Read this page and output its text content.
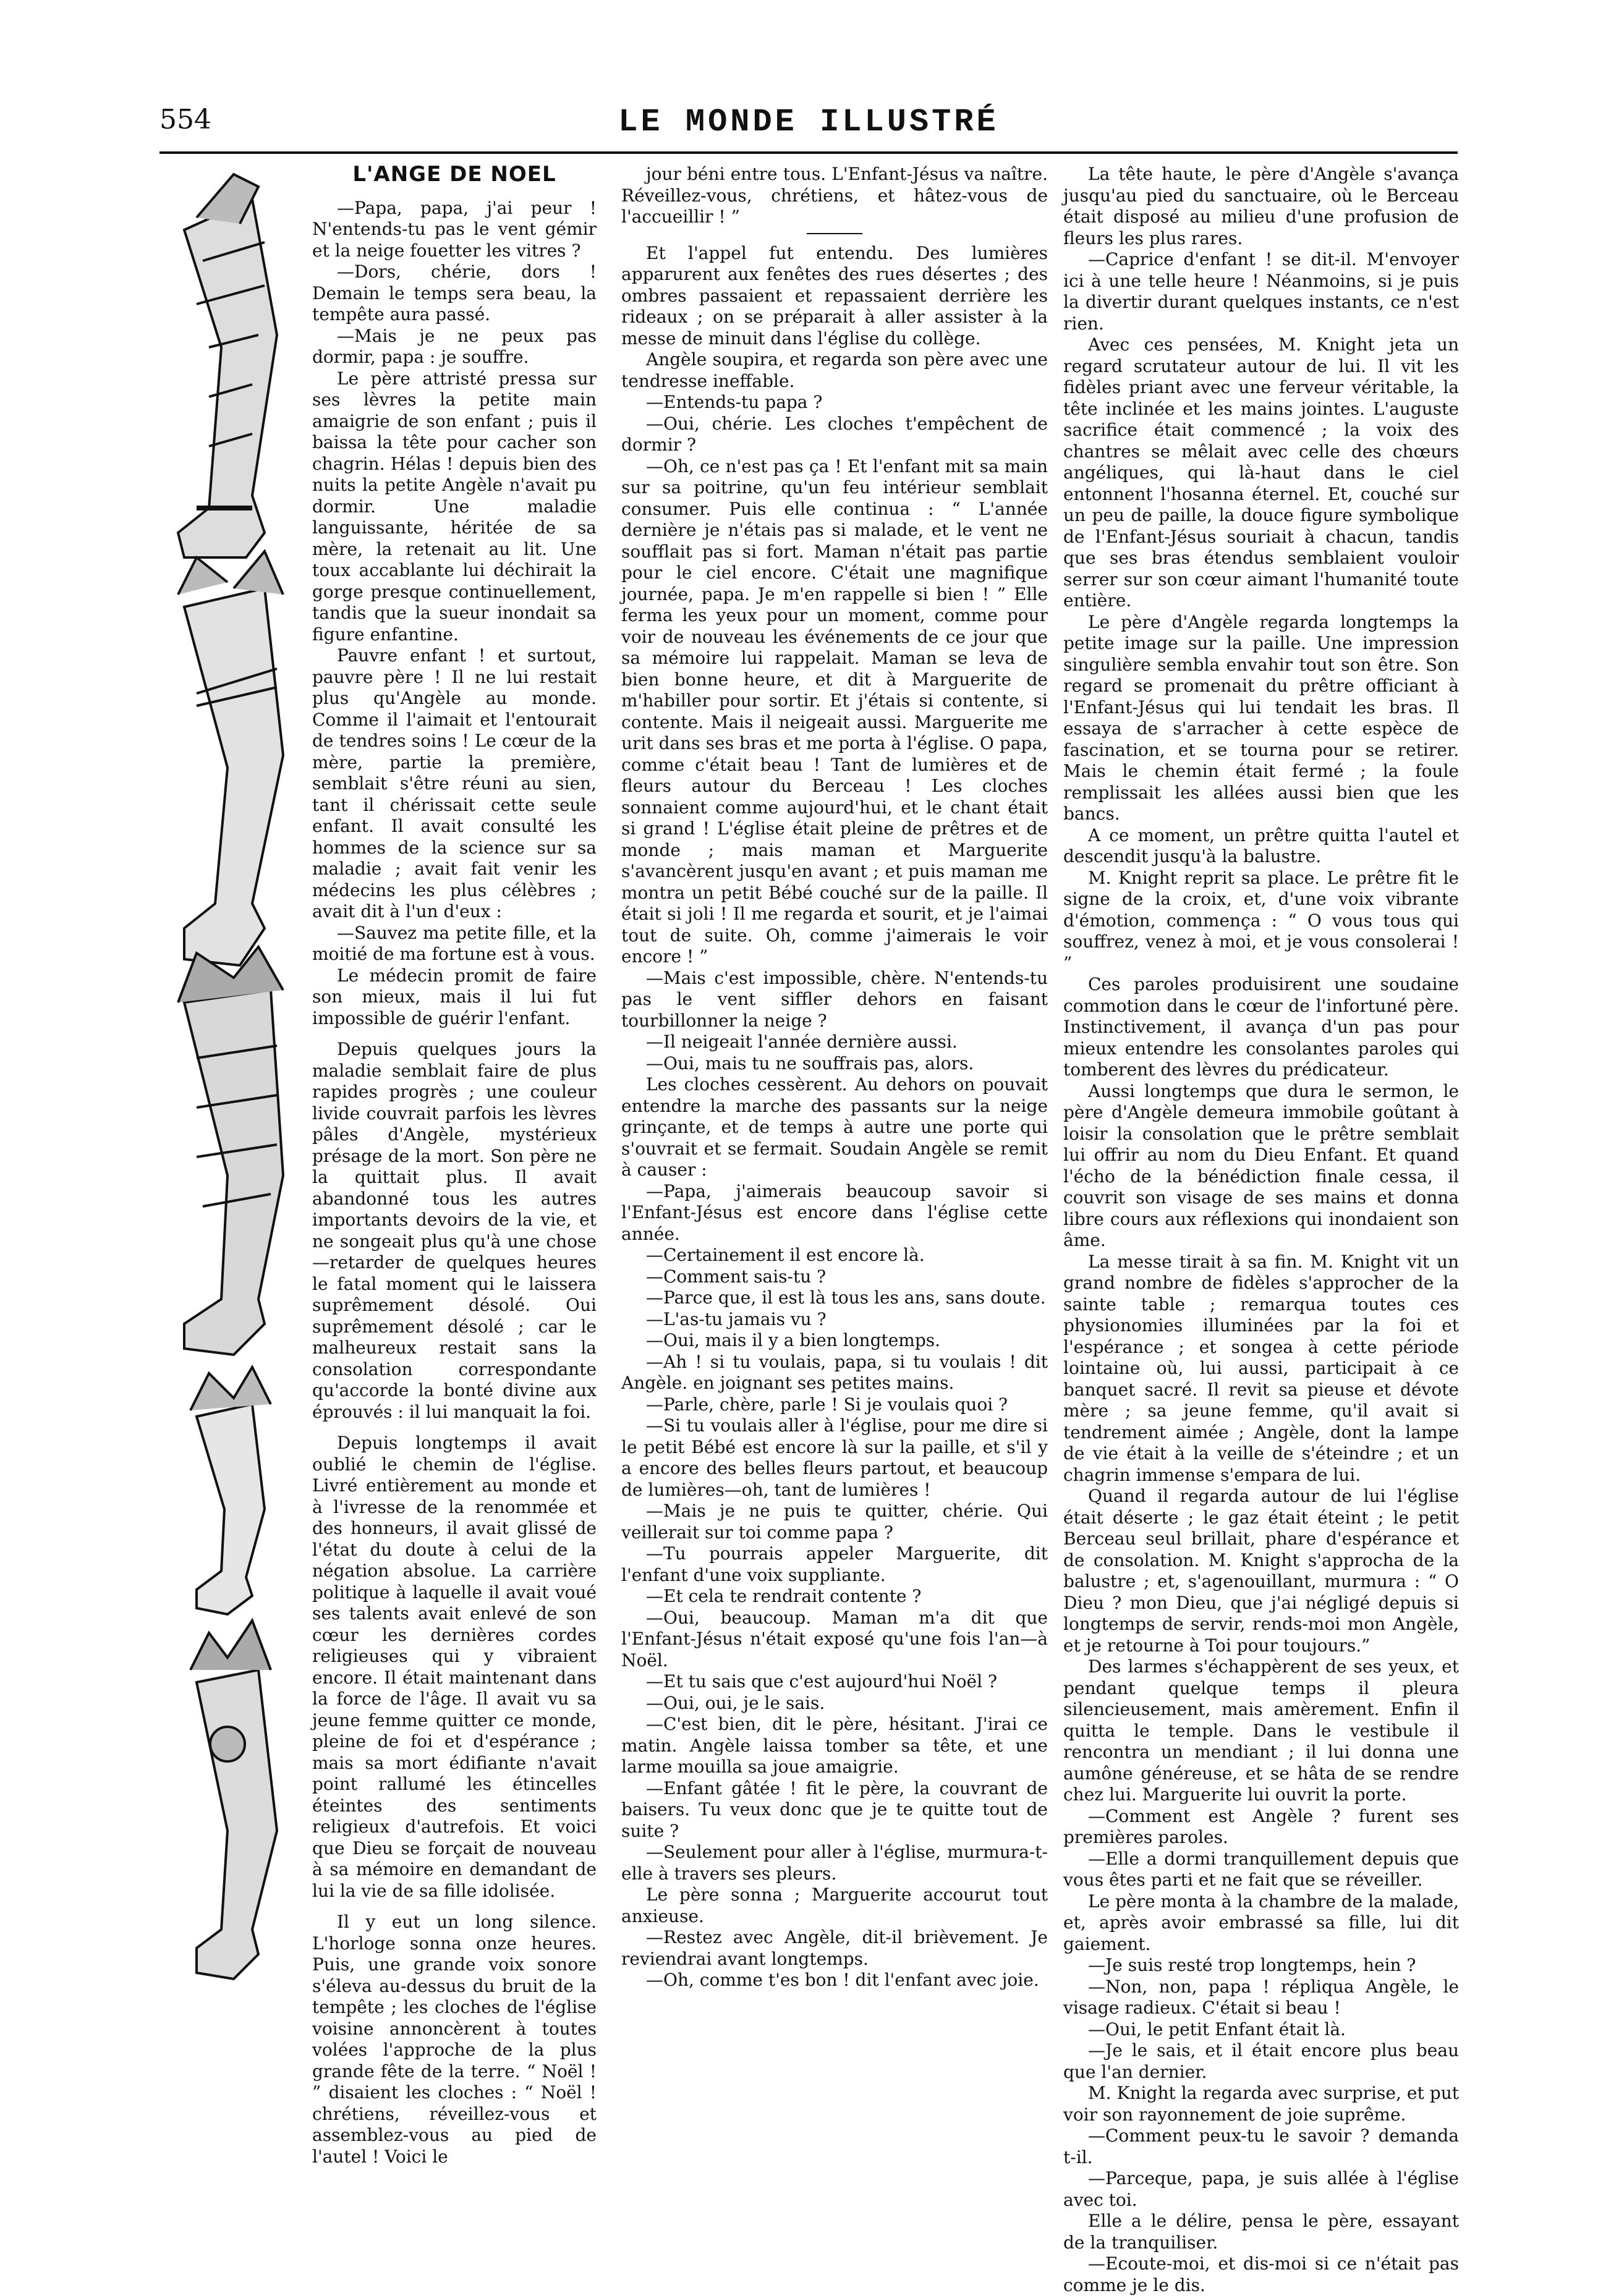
554	LE MONDE ILLUSTRÉ
L'ANGE DE NOEL

—Papa, papa, j'ai peur ! N'entends-tu pas le vent gémir et la neige fouetter les vitres ?

—Dors, chérie, dors ! Demain le temps sera beau, la tempête aura passé.

—Mais je ne peux pas dormir, papa : je souffre.

Le père attristé pressa sur ses lèvres la petite main amaigrie de son enfant ; puis il baissa la tête pour cacher son chagrin. Hélas ! depuis bien des nuits la petite Angèle n'avait pu dormir. Une maladie languissante, héritée de sa mère, la retenait au lit. Une toux accablante lui déchirait la gorge presque continuellement, tandis que la sueur inondait sa figure enfantine.

Pauvre enfant ! et surtout, pauvre père ! Il ne lui restait plus qu'Angèle au monde. Comme il l'aimait et l'entourait de tendres soins ! Le cœur de la mère, partie la première, semblait s'être réuni au sien, tant il chérissait cette seule enfant. Il avait consulté les hommes de la science sur sa maladie ; avait fait venir les médecins les plus célèbres ; avait dit à l'un d'eux :

—Sauvez ma petite fille, et la moitié de ma fortune est à vous.

Le médecin promit de faire son mieux, mais il lui fut impossible de guérir l'enfant.

Depuis quelques jours la maladie semblait faire de plus rapides progrès ; une couleur livide couvrait parfois les lèvres pâles d'Angèle, mystérieux présage de la mort. Son père ne la quittait plus. Il avait abandonné tous les autres importants devoirs de la vie, et ne songeait plus qu'à une chose—retarder de quelques heures le fatal moment qui le laissera suprêmement désolé. Oui suprêmement désolé ; car le malheureux restait sans la consolation correspondante qu'accorde la bonté divine aux éprouvés : il lui manquait la foi.

Depuis longtemps il avait oublié le chemin de l'église. Livré entièrement au monde et à l'ivresse de la renommée et des honneurs, il avait glissé de l'état du doute à celui de la négation absolue. La carrière politique à laquelle il avait voué ses talents avait enlevé de son cœur les dernières cordes religieuses qui y vibraient encore. Il était maintenant dans la force de l'âge. Il avait vu sa jeune femme quitter ce monde, pleine de foi et d'espérance ; mais sa mort édifiante n'avait point rallumé les étincelles éteintes des sentiments religieux d'autrefois. Et voici que Dieu se forçait de nouveau à sa mémoire en demandant de lui la vie de sa fille idolisée.

Il y eut un long silence. L'horloge sonna onze heures. Puis, une grande voix sonore s'éleva au-dessus du bruit de la tempête ; les cloches de l'église voisine annoncèrent à toutes volées l'approche de la plus grande fête de la terre. “ Noël ! ” disaient les cloches : “ Noël ! chrétiens, réveillez-vous et assemblez-vous au pied de l'autel ! Voici le

jour béni entre tous. L'Enfant-Jésus va naître. Réveillez-vous, chrétiens, et hâtez-vous de l'accueillir ! ”

Et l'appel fut entendu. Des lumières apparurent aux fenêtes des rues désertes ; des ombres passaient et repassaient derrière les rideaux ; on se préparait à aller assister à la messe de minuit dans l'église du collège.

Angèle soupira, et regarda son père avec une tendresse ineffable.

—Entends-tu papa ?

—Oui, chérie. Les cloches t'empêchent de dormir ?

—Oh, ce n'est pas ça ! Et l'enfant mit sa main sur sa poitrine, qu'un feu intérieur semblait consumer. Puis elle continua : “ L'année dernière je n'étais pas si malade, et le vent ne soufflait pas si fort. Maman n'était pas partie pour le ciel encore. C'était une magnifique journée, papa. Je m'en rappelle si bien ! ” Elle ferma les yeux pour un moment, comme pour voir de nouveau les événements de ce jour que sa mémoire lui rappelait. Maman se leva de bien bonne heure, et dit à Marguerite de m'habiller pour sortir. Et j'étais si contente, si contente. Mais il neigeait aussi. Marguerite me urit dans ses bras et me porta à l'église. O papa, comme c'était beau ! Tant de lumières et de fleurs autour du Berceau ! Les cloches sonnaient comme aujourd'hui, et le chant était si grand ! L'église était pleine de prêtres et de monde ; mais maman et Marguerite s'avancèrent jusqu'en avant ; et puis maman me montra un petit Bébé couché sur de la paille. Il était si joli ! Il me regarda et sourit, et je l'aimai tout de suite. Oh, comme j'aimerais le voir encore ! ”

—Mais c'est impossible, chère. N'entends-tu pas le vent siffler dehors en faisant tourbillonner la neige ?

—Il neigeait l'année dernière aussi.

—Oui, mais tu ne souffrais pas, alors.

Les cloches cessèrent. Au dehors on pouvait entendre la marche des passants sur la neige grinçante, et de temps à autre une porte qui s'ouvrait et se fermait. Soudain Angèle se remit à causer :

—Papa, j'aimerais beaucoup savoir si l'Enfant-Jésus est encore dans l'église cette année.

—Certainement il est encore là.

—Comment sais-tu ?

—Parce que, il est là tous les ans, sans doute.

—L'as-tu jamais vu ?

—Oui, mais il y a bien longtemps.

—Ah ! si tu voulais, papa, si tu voulais ! dit Angèle. en joignant ses petites mains.

—Parle, chère, parle ! Si je voulais quoi ?

—Si tu voulais aller à l'église, pour me dire si le petit Bébé est encore là sur la paille, et s'il y a encore des belles fleurs partout, et beaucoup de lumières—oh, tant de lumières !

—Mais je ne puis te quitter, chérie. Qui veillerait sur toi comme papa ?

—Tu pourrais appeler Marguerite, dit l'enfant d'une voix suppliante.

—Et cela te rendrait contente ?

—Oui, beaucoup. Maman m'a dit que l'Enfant-Jésus n'était exposé qu'une fois l'an—à Noël.

—Et tu sais que c'est aujourd'hui Noël ?

—Oui, oui, je le sais.

—C'est bien, dit le père, hésitant. J'irai ce matin. Angèle laissa tomber sa tête, et une larme mouilla sa joue amaigrie.

—Enfant gâtée ! fit le père, la couvrant de baisers. Tu veux donc que je te quitte tout de suite ?

—Seulement pour aller à l'église, murmura-t-elle à travers ses pleurs.

Le père sonna ; Marguerite accourut tout anxieuse.

—Restez avec Angèle, dit-il brièvement. Je reviendrai avant longtemps.

—Oh, comme t'es bon ! dit l'enfant avec joie.

La tête haute, le père d'Angèle s'avança jusqu'au pied du sanctuaire, où le Berceau était disposé au milieu d'une profusion de fleurs les plus rares.

—Caprice d'enfant ! se dit-il. M'envoyer ici à une telle heure ! Néanmoins, si je puis la divertir durant quelques instants, ce n'est rien.

Avec ces pensées, M. Knight jeta un regard scrutateur autour de lui. Il vit les fidèles priant avec une ferveur véritable, la tête inclinée et les mains jointes. L'auguste sacrifice était commencé ; la voix des chantres se mêlait avec celle des chœurs angéliques, qui là-haut dans le ciel entonnent l'hosanna éternel. Et, couché sur un peu de paille, la douce figure symbolique de l'Enfant-Jésus souriait à chacun, tandis que ses bras étendus semblaient vouloir serrer sur son cœur aimant l'humanité toute entière.

Le père d'Angèle regarda longtemps la petite image sur la paille. Une impression singulière sembla envahir tout son être. Son regard se promenait du prêtre officiant à l'Enfant-Jésus qui lui tendait les bras. Il essaya de s'arracher à cette espèce de fascination, et se tourna pour se retirer. Mais le chemin était fermé ; la foule remplissait les allées aussi bien que les bancs.

A ce moment, un prêtre quitta l'autel et descendit jusqu'à la balustre.

M. Knight reprit sa place. Le prêtre fit le signe de la croix, et, d'une voix vibrante d'émotion, commença : “ O vous tous qui souffrez, venez à moi, et je vous consolerai ! ”

Ces paroles produisirent une soudaine commotion dans le cœur de l'infortuné père. Instinctivement, il avança d'un pas pour mieux entendre les consolantes paroles qui tomberent des lèvres du prédicateur.

Aussi longtemps que dura le sermon, le père d'Angèle demeura immobile goûtant à loisir la consolation que le prêtre semblait lui offrir au nom du Dieu Enfant. Et quand l'écho de la bénédiction finale cessa, il couvrit son visage de ses mains et donna libre cours aux réflexions qui inondaient son âme.

La messe tirait à sa fin. M. Knight vit un grand nombre de fidèles s'approcher de la sainte table ; remarqua toutes ces physionomies illuminées par la foi et l'espérance ; et songea à cette période lointaine où, lui aussi, participait à ce banquet sacré. Il revit sa pieuse et dévote mère ; sa jeune femme, qu'il avait si tendrement aimée ; Angèle, dont la lampe de vie était à la veille de s'éteindre ; et un chagrin immense s'empara de lui.

Quand il regarda autour de lui l'église était déserte ; le gaz était éteint ; le petit Berceau seul brillait, phare d'espérance et de consolation. M. Knight s'approcha de la balustre ; et, s'agenouillant, murmura : “ O Dieu ? mon Dieu, que j'ai négligé depuis si longtemps de servir, rends-moi mon Angèle, et je retourne à Toi pour toujours.”

Des larmes s'échappèrent de ses yeux, et pendant quelque temps il pleura silencieusement, mais amèrement. Enfin il quitta le temple. Dans le vestibule il rencontra un mendiant ; il lui donna une aumône généreuse, et se hâta de se rendre chez lui. Marguerite lui ouvrit la porte.

—Comment est Angèle ? furent ses premières paroles.

—Elle a dormi tranquillement depuis que vous êtes parti et ne fait que se réveiller.

Le père monta à la chambre de la malade, et, après avoir embrassé sa fille, lui dit gaiement.

—Je suis resté trop longtemps, hein ?

—Non, non, papa ! répliqua Angèle, le visage radieux. C'était si beau !

—Oui, le petit Enfant était là.

—Je le sais, et il était encore plus beau que l'an dernier.

M. Knight la regarda avec surprise, et put voir son rayonnement de joie suprême.

—Comment peux-tu le savoir ? demanda t-il.

—Parceque, papa, je suis allée à l'église avec toi.

Elle a le délire, pensa le père, essayant de la tranquiliser.

—Ecoute-moi, et dis-moi si ce n'était pas comme je le dis.
